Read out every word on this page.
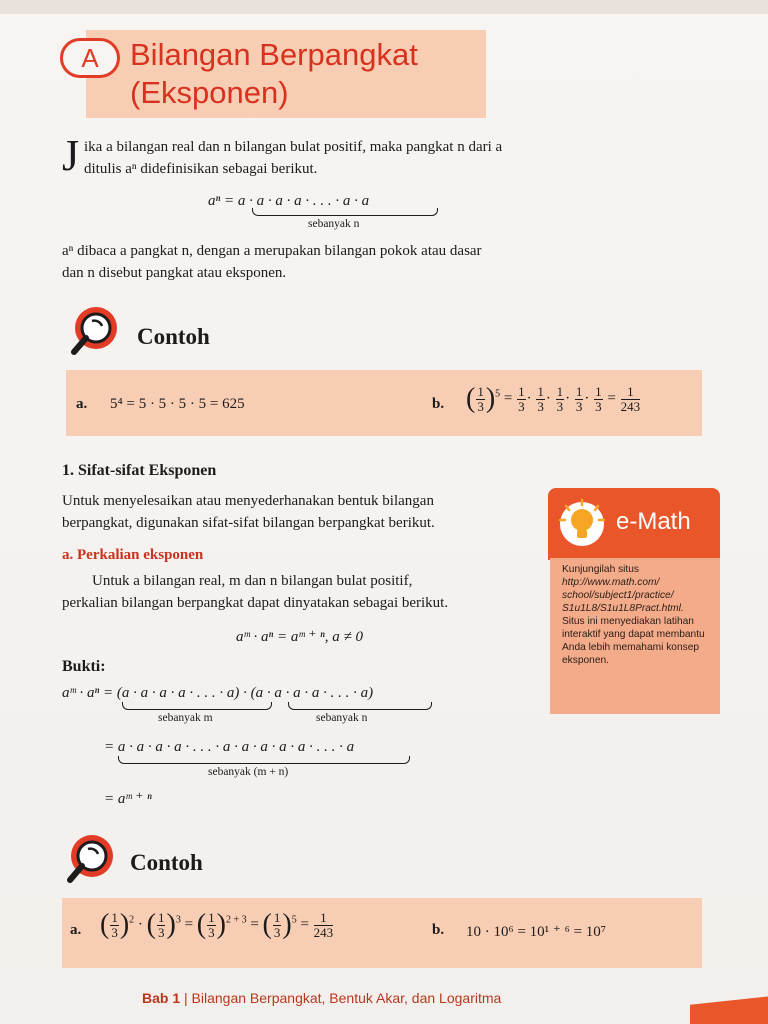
A	Bilangan Berpangkat
(Eksponen)
J ika a bilangan real dan n bilangan bulat positif, maka pangkat n dari a
ditulis aⁿ didefinisikan sebagai berikut.
aⁿ = a · a · a · a · . . . · a · a
sebanyak n
aⁿ dibaca a pangkat n, dengan a merupakan bilangan pokok atau dasar
dan n disebut pangkat atau eksponen.
Contoh
a. 5⁴ = 5 · 5 · 5 · 5 = 625	b. ( $\frac{1}{3} )^5 = \frac{1}{3} \cdot \frac{1}{3} \cdot \frac{1}{3} \cdot \frac{1}{3} \cdot \frac{1}{3} = \frac{1}{243}$
1. Sifat-sifat Eksponen
Untuk menyelesaikan atau menyederhanakan bentuk bilangan
berpangkat, digunakan sifat-sifat bilangan berpangkat berikut.
a. Perkalian eksponen
Untuk a bilangan real, m dan n bilangan bulat positif,
perkalian bilangan berpangkat dapat dinyatakan sebagai berikut.
aᵐ · aⁿ = aᵐ ⁺ ⁿ, a ≠ 0
Bukti:
aᵐ · aⁿ = (a · a · a · a · . . . · a) · (a · a · a · a · . . . · a)
sebanyak m	sebanyak n
= a · a · a · a · . . . · a · a · a · a · a · . . . · a
sebanyak (m + n)
= aᵐ ⁺ ⁿ
e-Math
Kunjungilah situs
http://www.math.com/
school/subject1/practice/
S1u1L8/S1u1L8Pract.html.
Situs ini menyediakan latihan interaktif yang dapat membantu Anda lebih memahami konsep eksponen.
Contoh
a. ( $\frac{1}{3} )^2$ · ( $\frac{1}{3} )^3$ = ( $\frac{1}{3} )^{2 + 3}$ = ( $\frac{1}{3} )^5 = \frac{1}{243}$	b. 10 · 10⁶ = 10¹ ⁺ ⁶ = 10⁷
Bab 1 | Bilangan Berpangkat, Bentuk Akar, dan Logaritma
